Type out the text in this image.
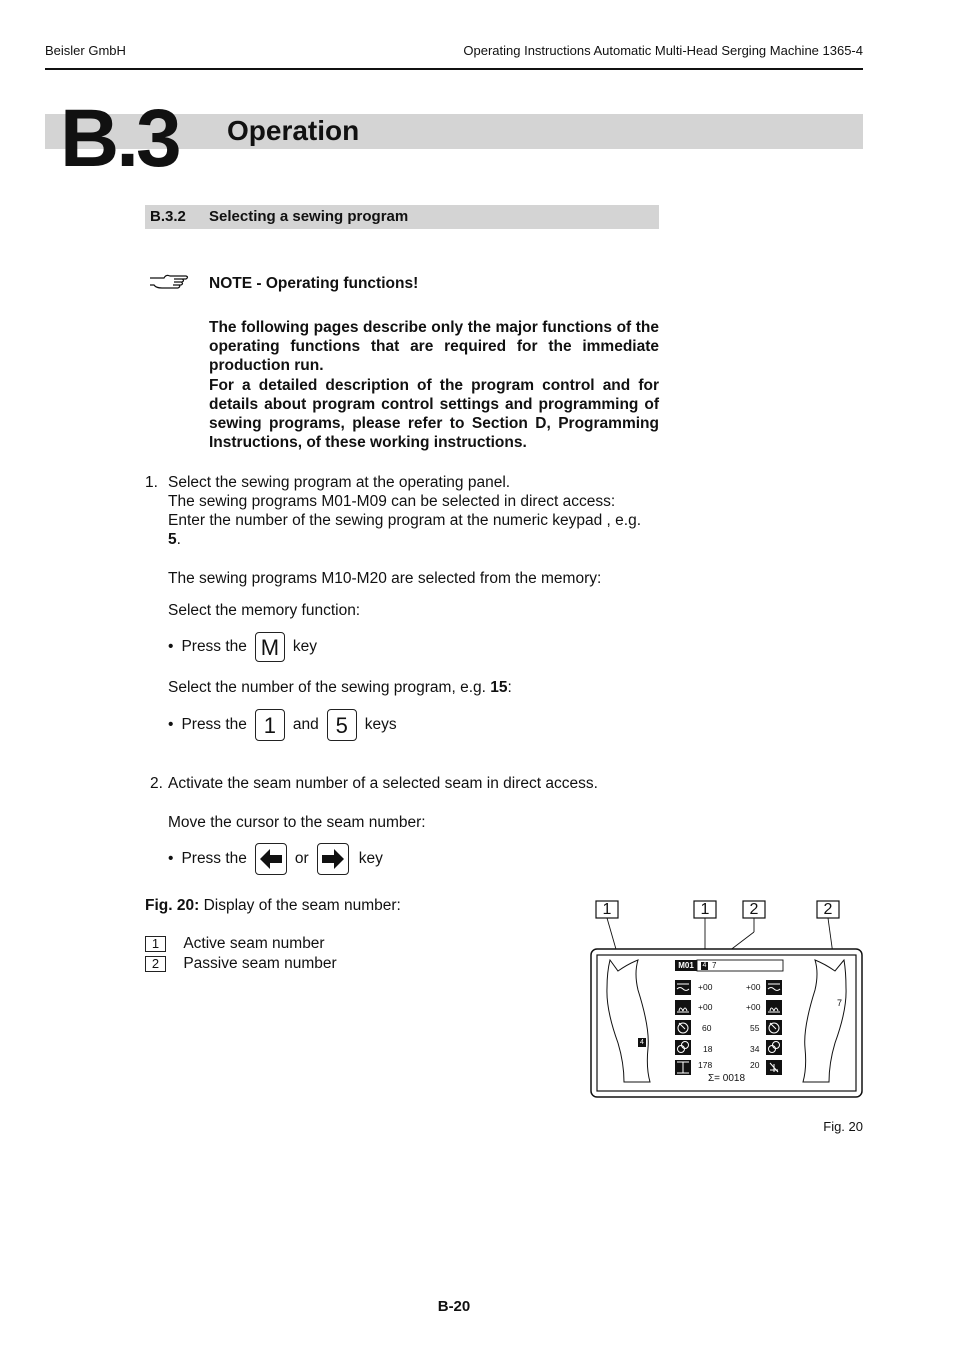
Beisler GmbH	Operating Instructions Automatic Multi-Head Serging Machine 1365-4
B.3 Operation
B.3.2 Selecting a sewing program
NOTE - Operating functions!
The following pages describe only the major functions of the operating functions that are required for the immediate production run.
For a detailed description of the program control and for details about program control settings and programming of sewing programs, please refer to Section D, Programming Instructions, of these working instructions.
1. Select the sewing program at the operating panel.
The sewing programs M01-M09 can be selected in direct access:
Enter the number of the sewing program at the numeric keypad , e.g.
5.
The sewing programs M10-M20 are selected from the memory:
Select the memory function:
• Press the M key
Select the number of the sewing program, e.g. 15:
• Press the 1	and 5	keys
2. Activate the seam number of a selected seam in direct access.
Move the cursor to the seam number:
• Press the	or	key
Fig. 20: Display of the seam number:
1 Active seam number
2 Passive seam number
1	1	2	2
M01	4 7
4
7
+00
+00
60
18
178
+00
+00
55
34
20
Σ= 0018
Fig. 20
B-20
